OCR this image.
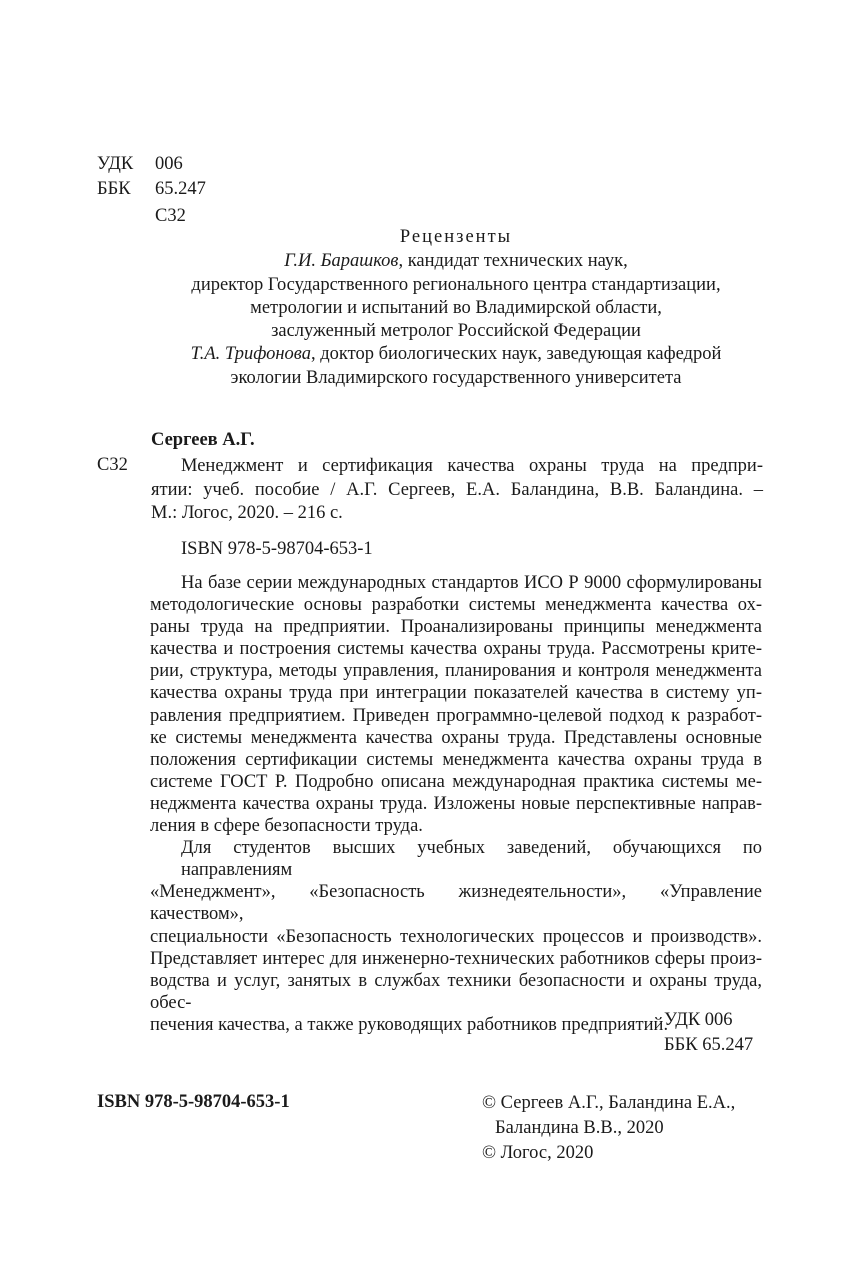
УДК	006
ББК	65.247
С32
Рецензенты
Г.И. Барашков, кандидат технических наук,
директор Государственного регионального центра стандартизации,
метрологии и испытаний во Владимирской области,
заслуженный метролог Российской Федерации
Т.А. Трифонова, доктор биологических наук, заведующая кафедрой
экологии Владимирского государственного университета
Сергеев А.Г.
С32	Менеджмент и сертификация качества охраны труда на предпри-
ятии: учеб. пособие / А.Г. Сергеев, Е.А. Баландина, В.В. Баландина. –
М.: Логос, 2020. – 216 с.
ISBN 978-5-98704-653-1
На базе серии международных стандартов ИСО Р 9000 сформулированы
методологические основы разработки системы менеджмента качества ох-
раны труда на предприятии. Проанализированы принципы менеджмента
качества и построения системы качества охраны труда. Рассмотрены крите-
рии, структура, методы управления, планирования и контроля менеджмента
качества охраны труда при интеграции показателей качества в систему уп-
равления предприятием. Приведен программно-целевой подход к разработ-
ке системы менеджмента качества охраны труда. Представлены основные
положения сертификации системы менеджмента качества охраны труда в
системе ГОСТ Р. Подробно описана международная практика системы ме-
неджмента качества охраны труда. Изложены новые перспективные направ-
ления в сфере безопасности труда.
Для студентов высших учебных заведений, обучающихся по направлениям
«Менеджмент», «Безопасность жизнедеятельности», «Управление качеством»,
специальности «Безопасность технологических процессов и производств».
Представляет интерес для инженерно-технических работников сферы произ-
водства и услуг, занятых в службах техники безопасности и охраны труда, обес-
печения качества, а также руководящих работников предприятий.
УДК 006
ББК 65.247
ISBN 978-5-98704-653-1	© Сергеев А.Г., Баландина Е.А.,
Баландина В.В., 2020
© Логос, 2020
